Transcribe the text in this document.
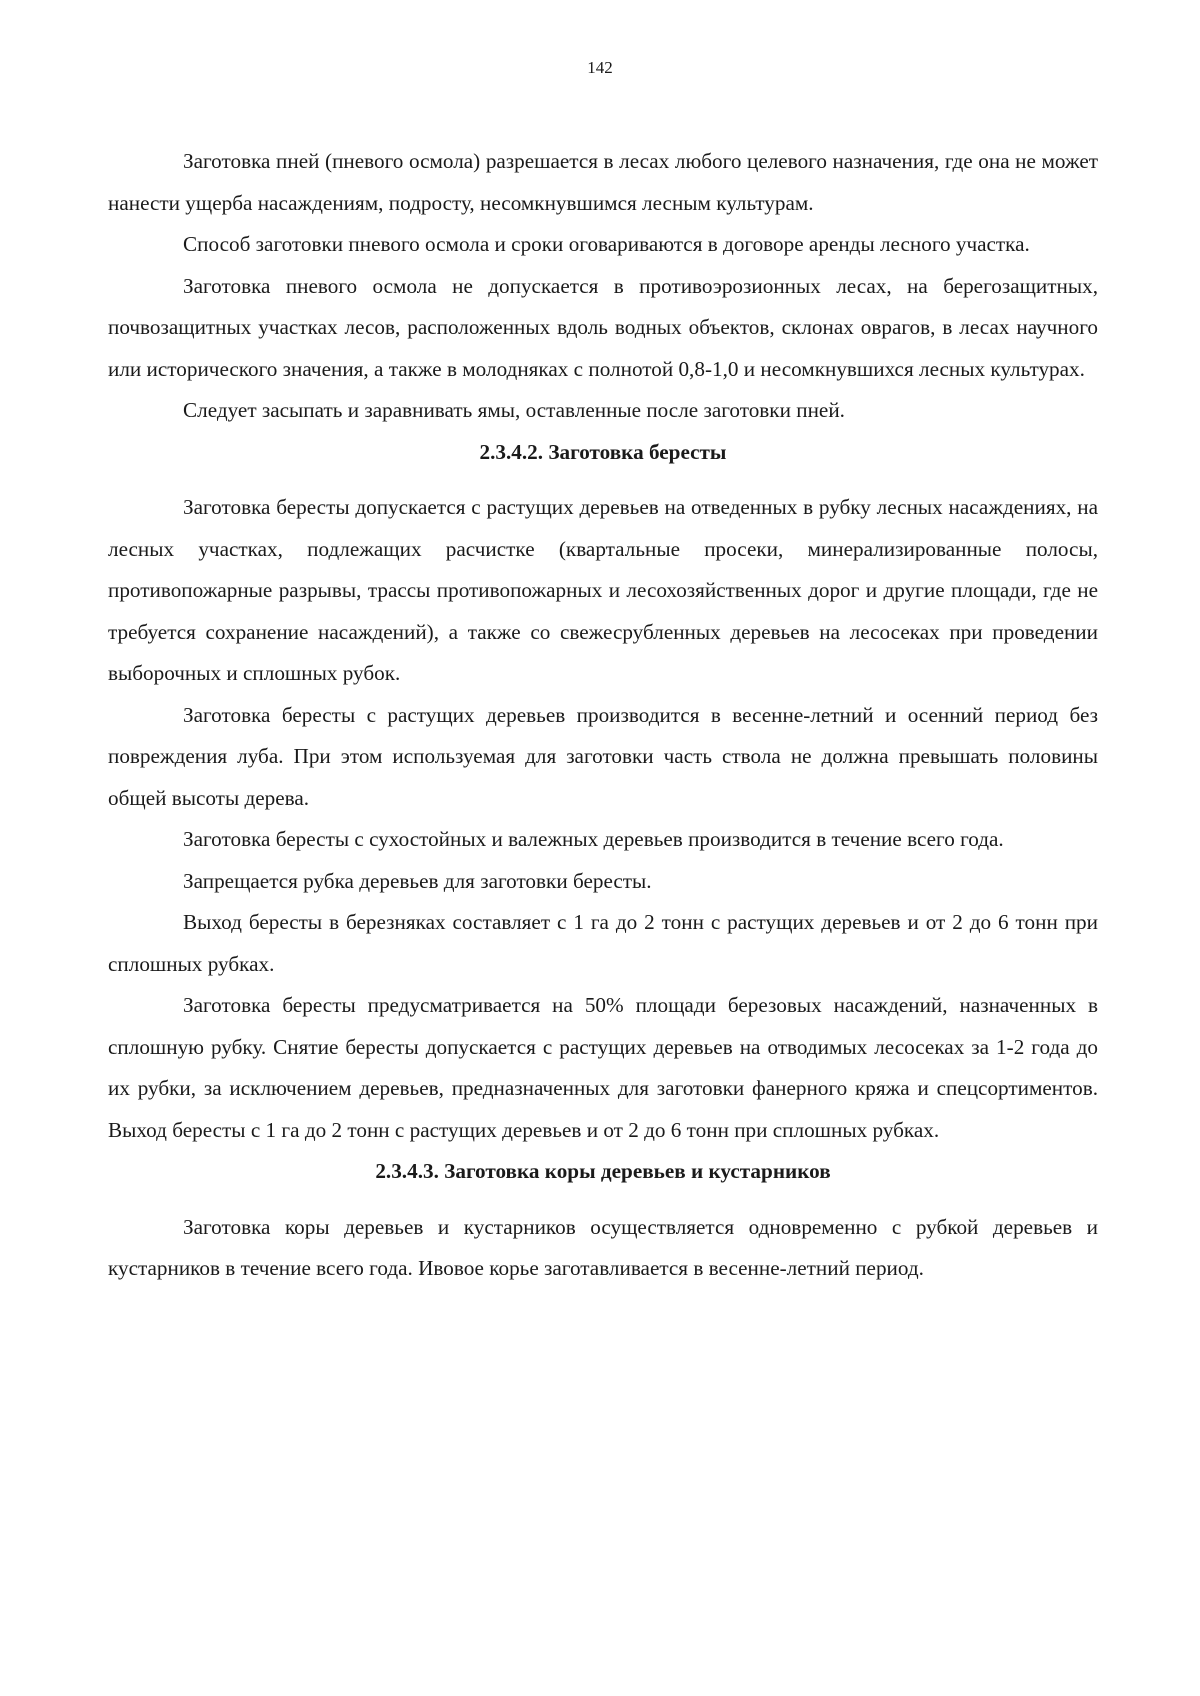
142

Заготовка пней (пневого осмола) разрешается в лесах любого целевого назначения, где она не может нанести ущерба насаждениям, подросту, несомкнувшимся лесным культурам.

Способ заготовки пневого осмола и сроки оговариваются в договоре аренды лесного участка.

Заготовка пневого осмола не допускается в противоэрозионных лесах, на берегозащитных, почвозащитных участках лесов, расположенных вдоль водных объектов, склонах оврагов, в лесах научного или исторического значения, а также в молодняках с полнотой 0,8-1,0 и несомкнувшихся лесных культурах.

Следует засыпать и заравнивать ямы, оставленные после заготовки пней.

2.3.4.2. Заготовка бересты

Заготовка бересты допускается с растущих деревьев на отведенных в рубку лесных насаждениях, на лесных участках, подлежащих расчистке (квартальные просеки, минерализированные полосы, противопожарные разрывы, трассы противопожарных и лесохозяйственных дорог и другие площади, где не требуется сохранение насаждений), а также со свежесрубленных деревьев на лесосеках при проведении выборочных и сплошных рубок.

Заготовка бересты с растущих деревьев производится в весенне-летний и осенний период без повреждения луба. При этом используемая для заготовки часть ствола не должна превышать половины общей высоты дерева.

Заготовка бересты с сухостойных и валежных деревьев производится в течение всего года.

Запрещается рубка деревьев для заготовки бересты.

Выход бересты в березняках составляет с 1 га до 2 тонн с растущих деревьев и от 2 до 6 тонн при сплошных рубках.

Заготовка бересты предусматривается на 50% площади березовых насаждений, назначенных в сплошную рубку. Снятие бересты допускается с растущих деревьев на отводимых лесосеках за 1-2 года до их рубки, за исключением деревьев, предназначенных для заготовки фанерного кряжа и спецсортиментов. Выход бересты с 1 га до 2 тонн с растущих деревьев и от 2 до 6 тонн при сплошных рубках.

2.3.4.3. Заготовка коры деревьев и кустарников

Заготовка коры деревьев и кустарников осуществляется одновременно с рубкой деревьев и кустарников в течение всего года. Ивовое корье заготавливается в весенне-летний период.
